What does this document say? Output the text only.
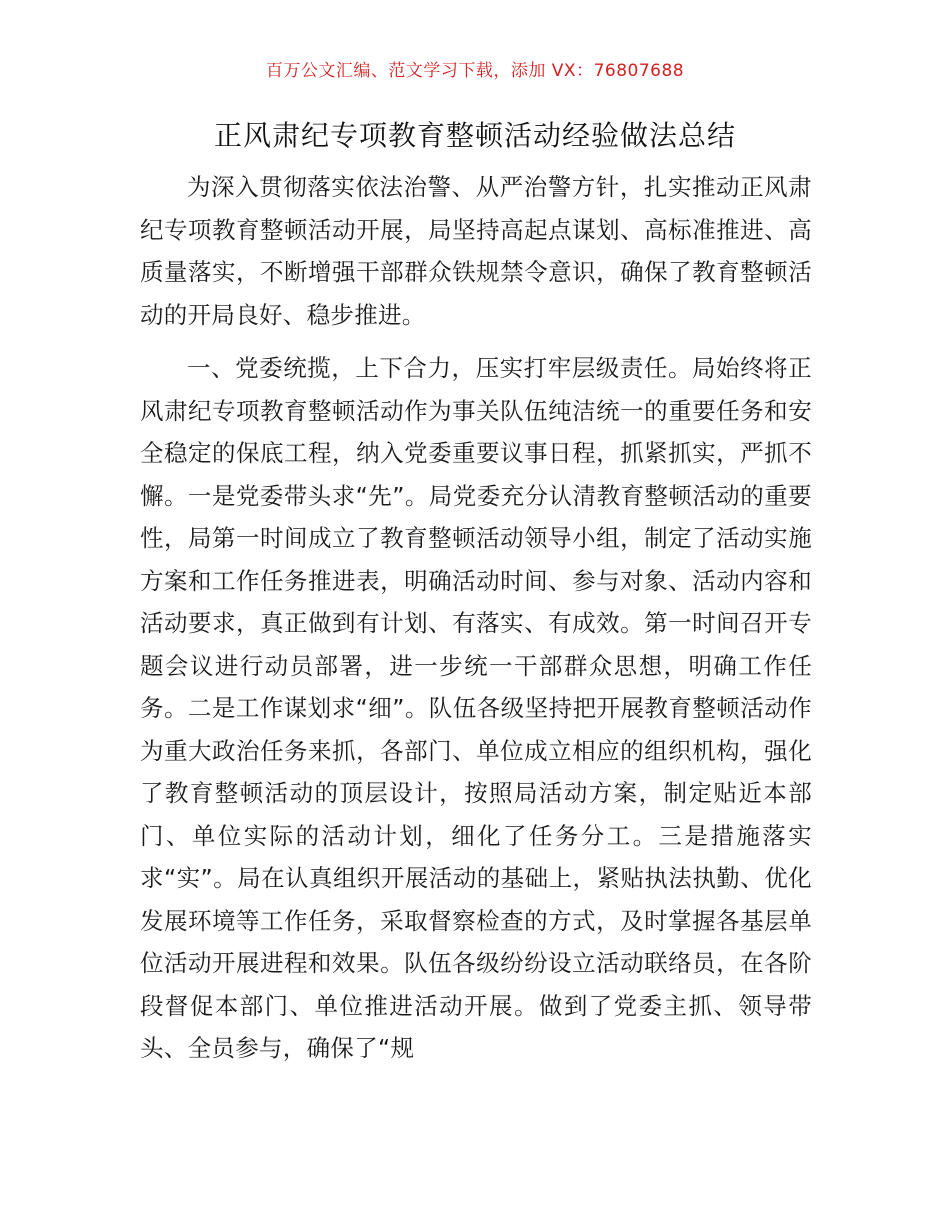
百万公文汇编、范文学习下载，添加 VX：76807688
正风肃纪专项教育整顿活动经验做法总结

为深入贯彻落实依法治警、从严治警方针，扎实推动正风肃纪专项教育整顿活动开展，局坚持高起点谋划、高标准推进、高质量落实，不断增强干部群众铁规禁令意识，确保了教育整顿活动的开局良好、稳步推进。

一、党委统揽，上下合力，压实打牢层级责任。局始终将正风肃纪专项教育整顿活动作为事关队伍纯洁统一的重要任务和安全稳定的保底工程，纳入党委重要议事日程，抓紧抓实，严抓不懈。一是党委带头求“先”。局党委充分认清教育整顿活动的重要性，局第一时间成立了教育整顿活动领导小组，制定了活动实施方案和工作任务推进表，明确活动时间、参与对象、活动内容和活动要求，真正做到有计划、有落实、有成效。第一时间召开专题会议进行动员部署，进一步统一干部群众思想，明确工作任务。二是工作谋划求“细”。队伍各级坚持把开展教育整顿活动作为重大政治任务来抓，各部门、单位成立相应的组织机构，强化了教育整顿活动的顶层设计，按照局活动方案，制定贴近本部门、单位实际的活动计划，细化了任务分工。三是措施落实求“实”。局在认真组织开展活动的基础上，紧贴执法执勤、优化发展环境等工作任务，采取督察检查的方式，及时掌握各基层单位活动开展进程和效果。队伍各级纷纷设立活动联络员，在各阶段督促本部门、单位推进活动开展。做到了党委主抓、领导带头、全员参与，确保了“规
